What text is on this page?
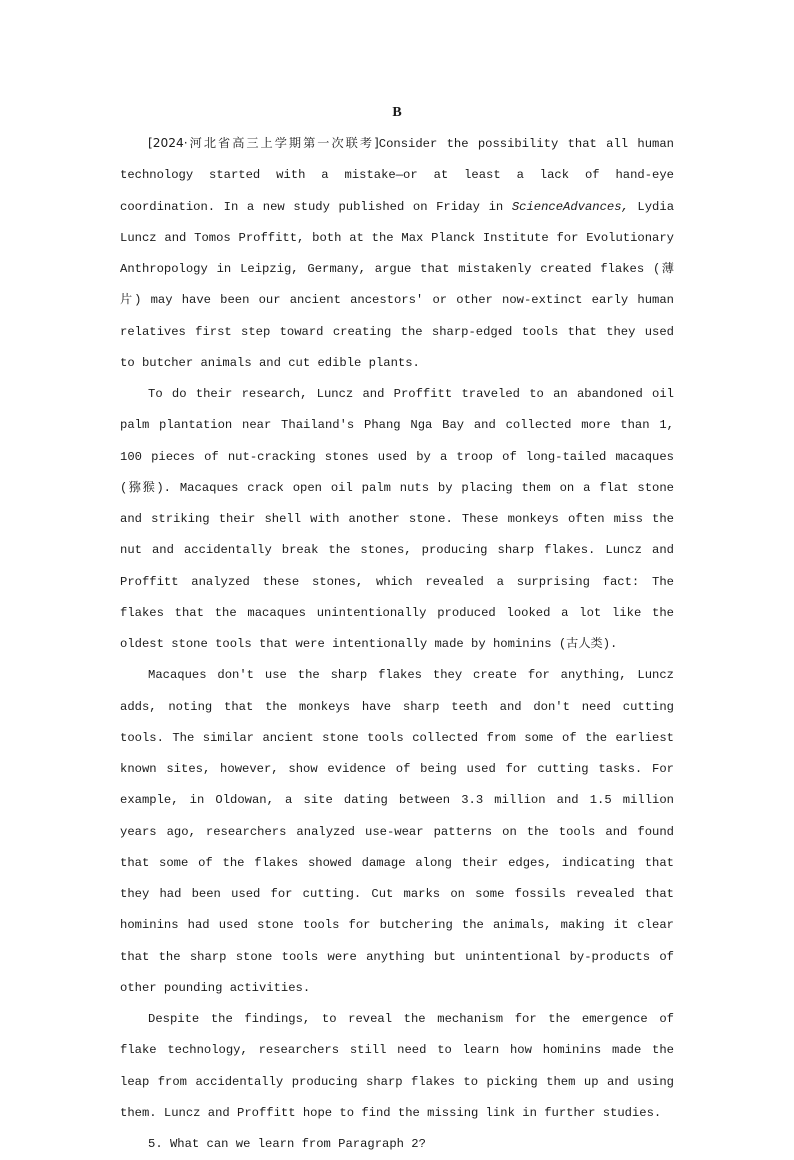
B

[2024·河北省高三上学期第一次联考]Consider the possibility that all human technology started with a mistake—or at least a lack of hand-eye coordination. In a new study published on Friday in ScienceAdvances, Lydia Luncz and Tomos Proffitt, both at the Max Planck Institute for Evolutionary Anthropology in Leipzig, Germany, argue that mistakenly created flakes (薄片) may have been our ancient ancestors' or other now-extinct early human relatives first step toward creating the sharp-edged tools that they used to butcher animals and cut edible plants.

To do their research, Luncz and Proffitt traveled to an abandoned oil palm plantation near Thailand's Phang Nga Bay and collected more than 1, 100 pieces of nut-cracking stones used by a troop of long-tailed macaques (猕猴). Macaques crack open oil palm nuts by placing them on a flat stone and striking their shell with another stone. These monkeys often miss the nut and accidentally break the stones, producing sharp flakes. Luncz and Proffitt analyzed these stones, which revealed a surprising fact: The flakes that the macaques unintentionally produced looked a lot like the oldest stone tools that were intentionally made by hominins (古人类).

Macaques don't use the sharp flakes they create for anything, Luncz adds, noting that the monkeys have sharp teeth and don't need cutting tools. The similar ancient stone tools collected from some of the earliest known sites, however, show evidence of being used for cutting tasks. For example, in Oldowan, a site dating between 3.3 million and 1.5 million years ago, researchers analyzed use-wear patterns on the tools and found that some of the flakes showed damage along their edges, indicating that they had been used for cutting. Cut marks on some fossils revealed that hominins had used stone tools for butchering the animals, making it clear that the sharp stone tools were anything but unintentional by-products of other pounding activities.

Despite the findings, to reveal the mechanism for the emergence of flake technology, researchers still need to learn how hominins made the leap from accidentally producing sharp flakes to picking them up and using them. Luncz and Proffitt hope to find the missing link in further studies.

5. What can we learn from Paragraph 2?
